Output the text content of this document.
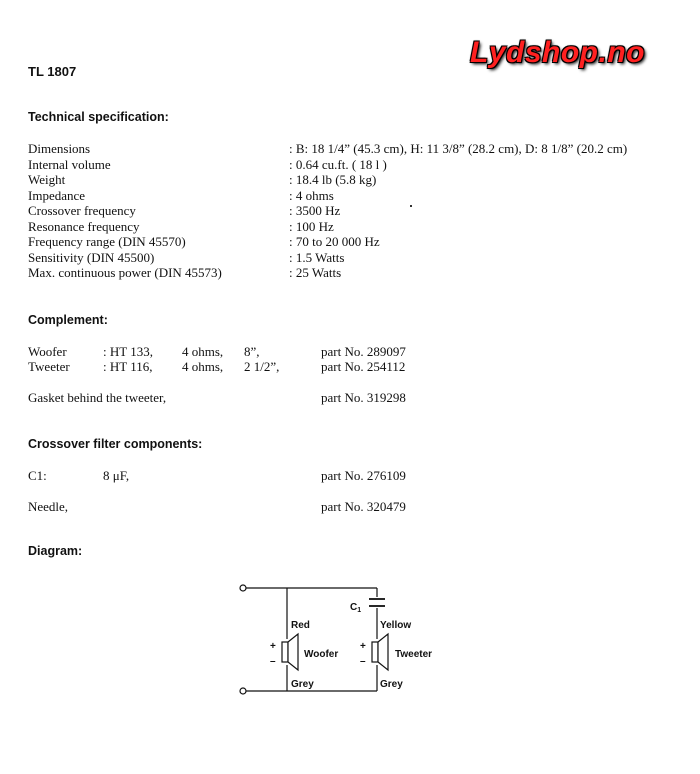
Lydshop.no
TL 1807
Technical specification:
Dimensions	: B: 18 1/4” (45.3 cm), H: 11 3/8” (28.2 cm), D: 8 1/8” (20.2 cm)
Internal volume	: 0.64 cu.ft. ( 18 l )
Weight	: 18.4 lb (5.8 kg)
Impedance	: 4 ohms
Crossover frequency	: 3500 Hz
Resonance frequency	: 100 Hz
Frequency range (DIN 45570)	: 70 to 20 000 Hz
Sensitivity (DIN 45500)	: 1.5 Watts
Max. continuous power (DIN 45573)	: 25 Watts
Complement:
Woofer	: HT 133, 4 ohms, 8”,	part No. 289097
Tweeter	: HT 116, 4 ohms, 2 1/2”,	part No. 254112
Gasket behind the tweeter,	part No. 319298
Crossover filter components:
C1:	8 μF,	part No. 276109
Needle,	part No. 320479
Diagram:
$C_1$
Red	Yellow
Woofer	Tweeter
Grey	Grey
+
–
+
–
